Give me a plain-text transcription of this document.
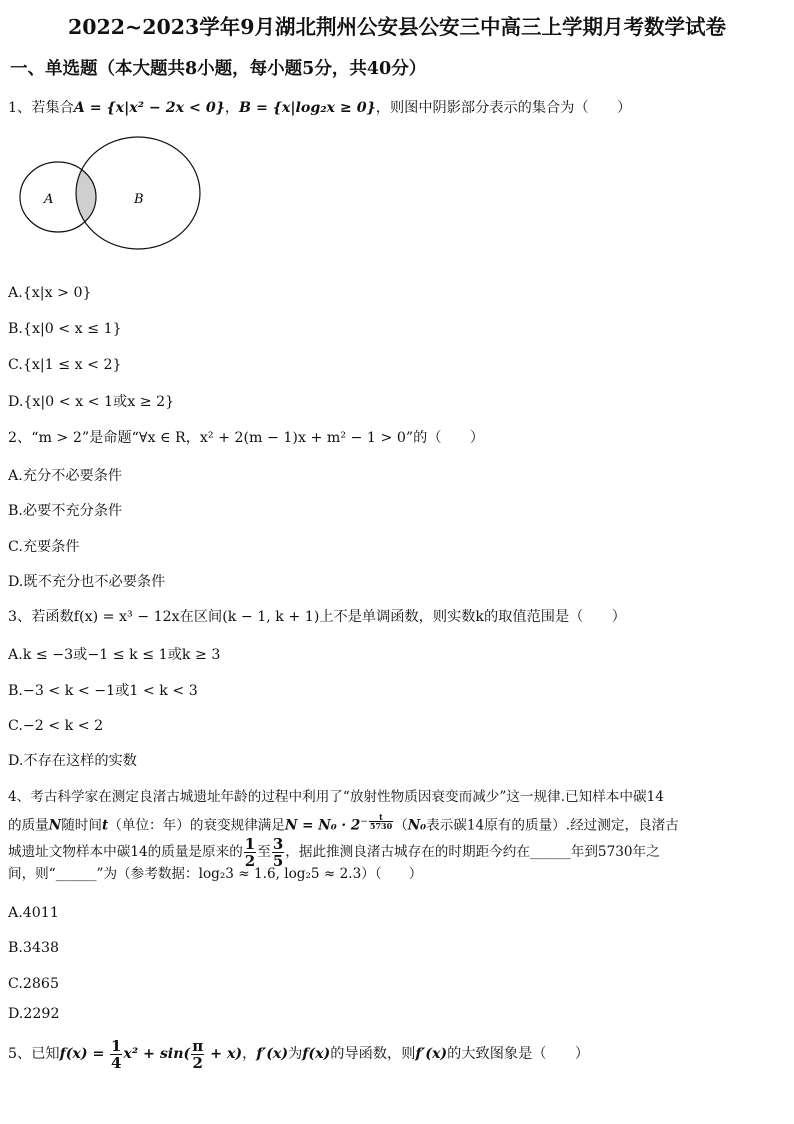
2022~2023学年9月湖北荆州公安县公安三中高三上学期月考数学试卷
一、单选题（本大题共8小题，每小题5分，共40分）
1、若集合A = {x|x² − 2x < 0}，B = {x|log₂x ≥ 0}，则图中阴影部分表示的集合为（　　）
A	B
A.{x|x > 0}
B.{x|0 < x ≤ 1}
C.{x|1 ≤ x < 2}
D.{x|0 < x < 1或x ≥ 2}
2、“m > 2”是命题“∀x ∈ R，x² + 2(m − 1)x + m² − 1 > 0”的（　　）
A.充分不必要条件
B.必要不充分条件
C.充要条件
D.既不充分也不必要条件
3、若函数f(x) = x³ − 12x在区间(k − 1, k + 1)上不是单调函数，则实数k的取值范围是（　　）
A.k ≤ −3或−1 ≤ k ≤ 1或k ≥ 3
B.−3 < k < −1或1 < k < 3
C.−2 < k < 2
D.不存在这样的实数
4、考古科学家在测定良渚古城遗址年龄的过程中利用了“放射性物质因衰变而减少”这一规律.已知样本中碳14
的质量N随时间t（单位：年）的衰变规律满足$N = N_0 \cdot 2^{- \frac{t}{5730}}$ （N₀表示碳14原有的质量）.经过测定，良渚古
城遗址文物样本中碳14的质量是原来的 $\frac{1}{2}$ 至 $\frac{3}{5}$ ，据此推测良渚古城存在的时期距今约在______年到5730年之
间，则“______”为（参考数据：log₂3 ≈ 1.6, log₂5 ≈ 2.3）（　　）
A.4011
B.3438
C.2865
D.2292
5、已知$f(x) = \frac{1}{4} x^2 + \sin( \frac{\pi}{2} + x)$，f′(x)为f(x)的导函数，则f′(x)的大致图象是（　　）
